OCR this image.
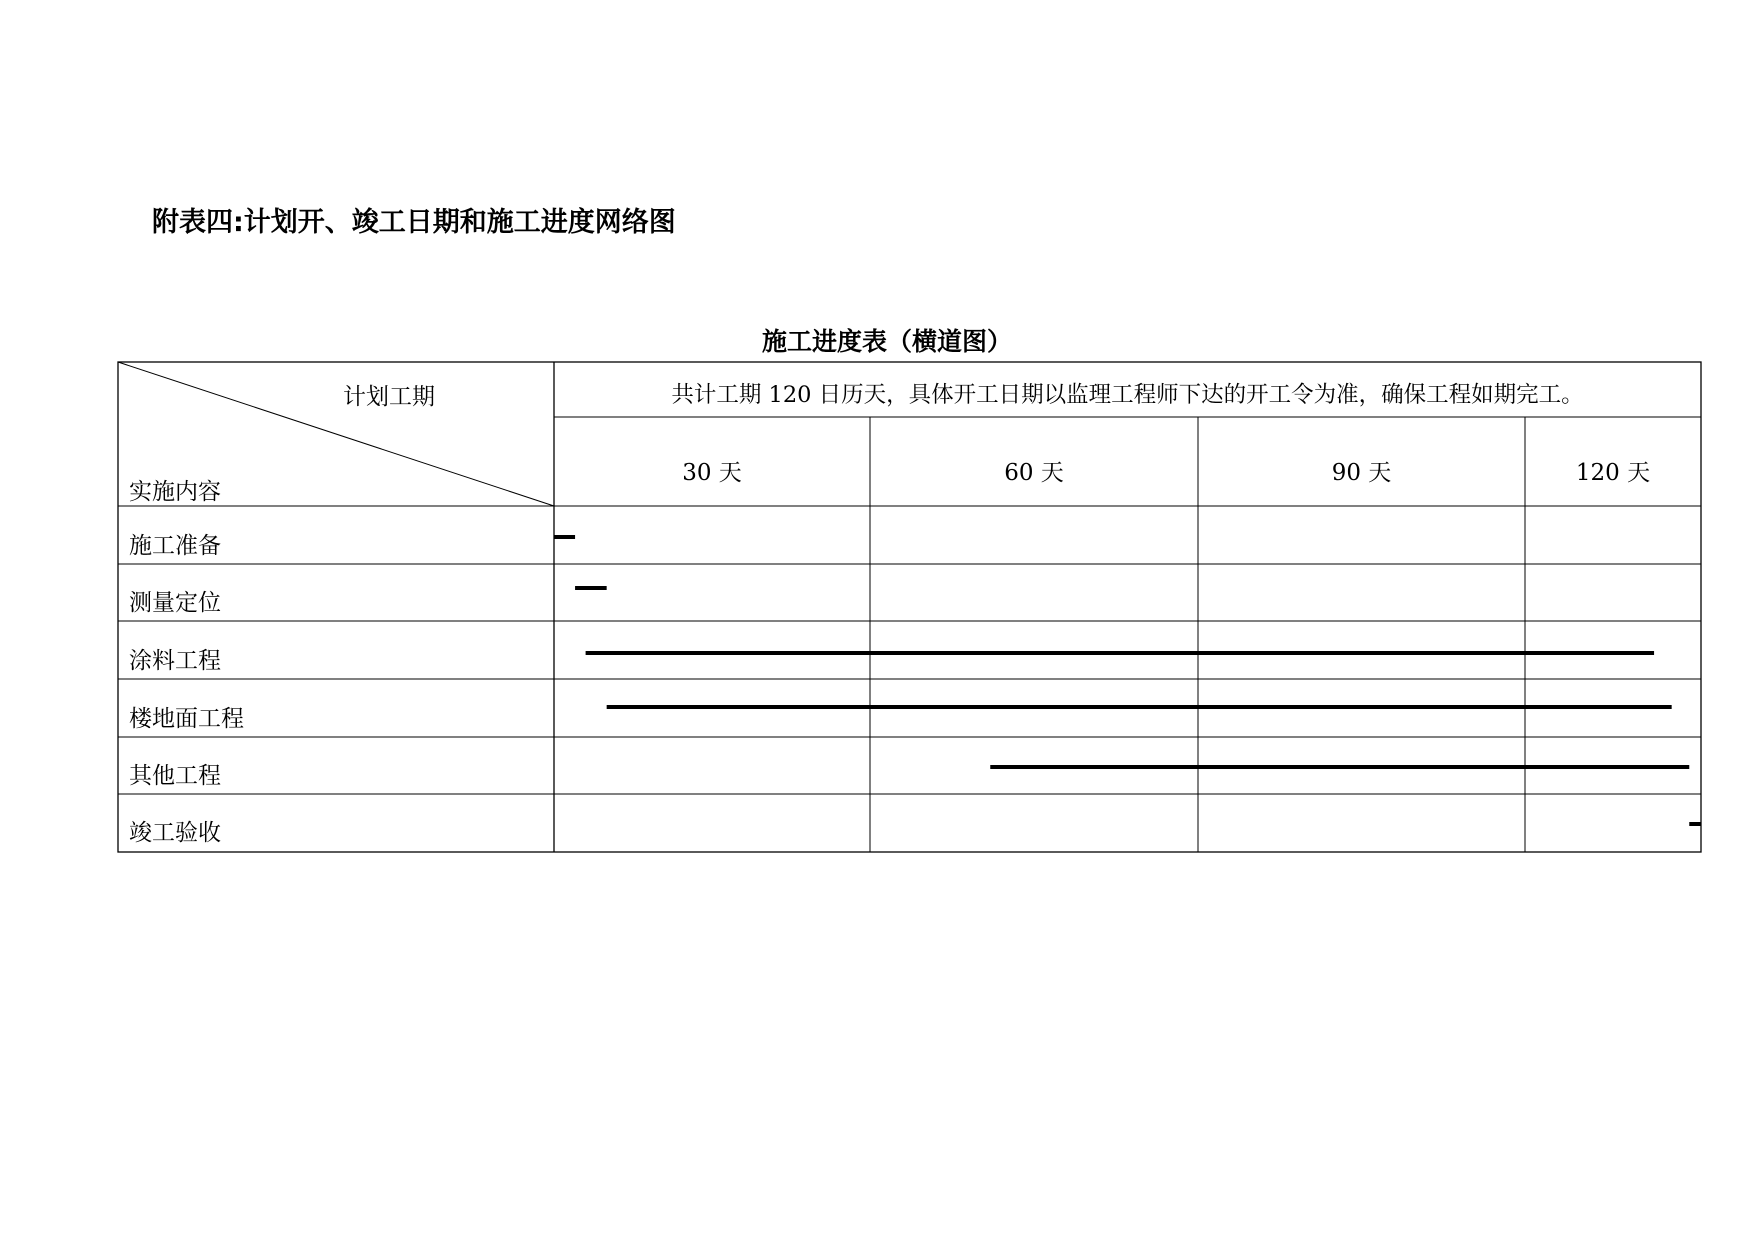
附表四:计划开、竣工日期和施工进度网络图
施工进度表（横道图）
计划工期
实施内容
共计工期 120 日历天，具体开工日期以监理工程师下达的开工令为准，确保工程如期完工。
30 天	60 天	90 天	120 天
施工准备
测量定位
涂料工程
楼地面工程
其他工程
竣工验收
